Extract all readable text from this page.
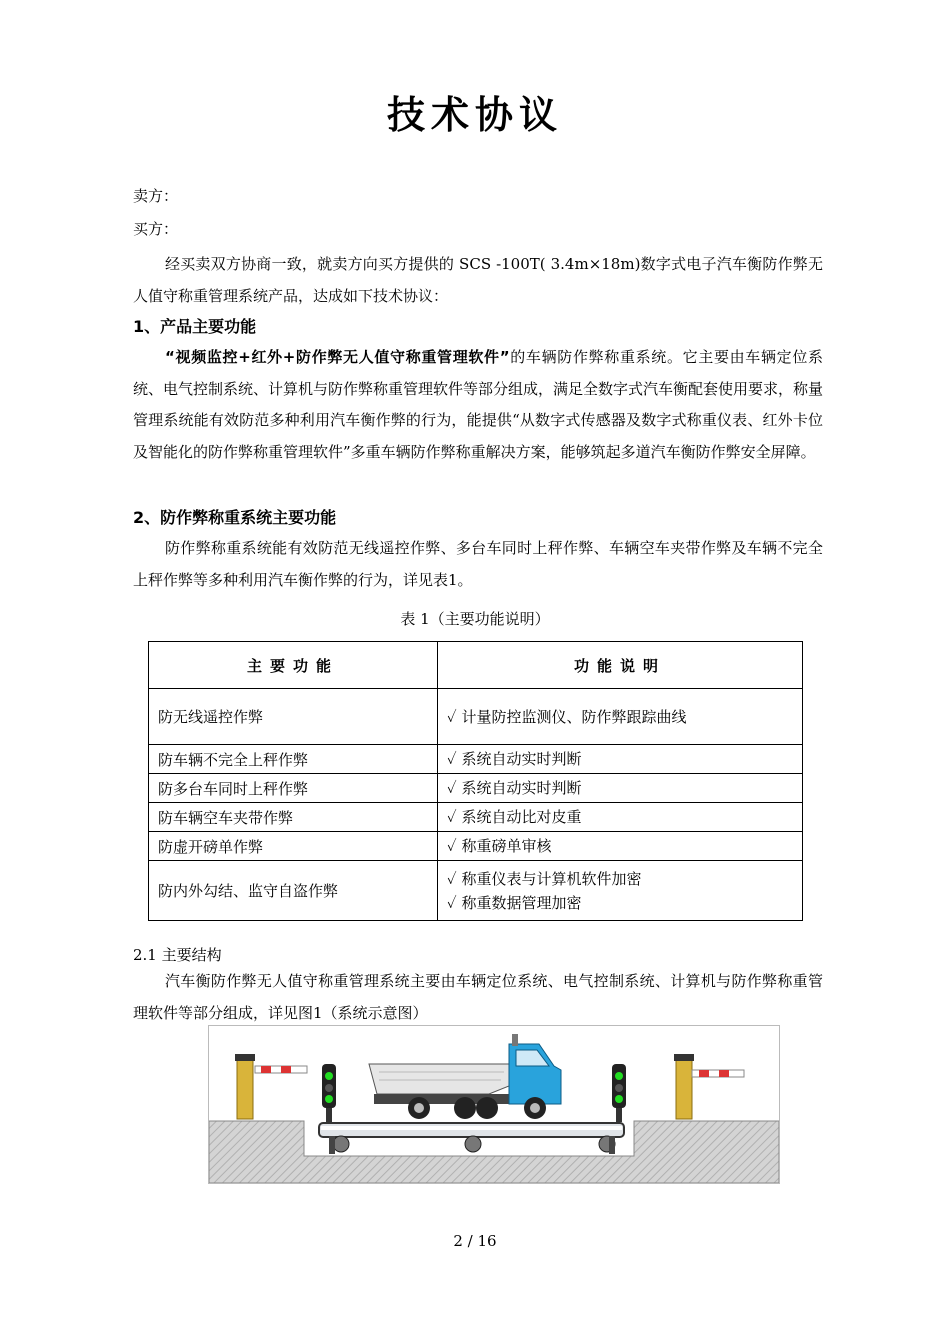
技术协议
卖方：
买方：
经买卖双方协商一致，就卖方向买方提供的 SCS -100T( 3.4m×18m)数字式电子汽车衡防作弊无人值守称重管理系统产品，达成如下技术协议：
1、产品主要功能
“视频监控+红外+防作弊无人值守称重管理软件”的车辆防作弊称重系统。它主要由车辆定位系统、电气控制系统、计算机与防作弊称重管理软件等部分组成，满足全数字式汽车衡配套使用要求，称量管理系统能有效防范多种利用汽车衡作弊的行为，能提供“从数字式传感器及数字式称重仪表、红外卡位及智能化的防作弊称重管理软件”多重车辆防作弊称重解决方案，能够筑起多道汽车衡防作弊安全屏障。
2、防作弊称重系统主要功能
防作弊称重系统能有效防范无线遥控作弊、多台车同时上秤作弊、车辆空车夹带作弊及车辆不完全上秤作弊等多种利用汽车衡作弊的行为，详见表1。
表 1（主要功能说明）
主要功能	功能说明
防无线遥控作弊	✓ 计量防控监测仪、防作弊跟踪曲线

防车辆不完全上秤作弊	✓ 系统自动实时判断

防多台车同时上秤作弊	✓ 系统自动实时判断

防车辆空车夹带作弊	✓ 系统自动比对皮重

防虚开磅单作弊	✓ 称重磅单审核

防内外勾结、监守自盗作弊	✓ 称重仪表与计算机软件加密
✓ 称重数据管理加密
2.1 主要结构
汽车衡防作弊无人值守称重管理系统主要由车辆定位系统、电气控制系统、计算机与防作弊称重管理软件等部分组成，详见图1（系统示意图）
2 / 16
